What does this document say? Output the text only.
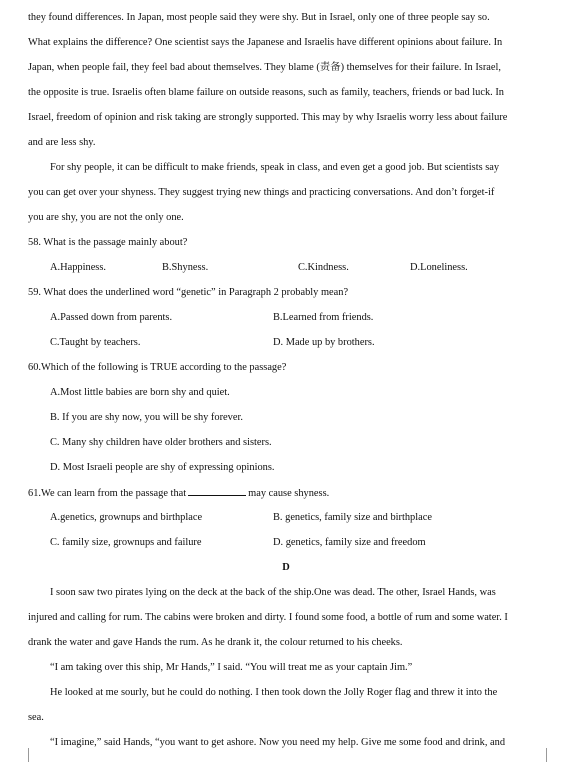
they found differences. In Japan, most people said they were shy. But in Israel, only one of three people say so.
What explains the difference? One scientist says the Japanese and Israelis have different opinions about failure. In
Japan, when people fail, they feel bad about themselves. They blame (责备) themselves for their failure. In Israel,
the opposite is true. Israelis often blame failure on outside reasons, such as family, teachers, friends or bad luck. In
Israel, freedom of opinion and risk taking are strongly supported. This may by why Israelis worry less about failure
and are less shy.
For shy people, it can be difficult to make friends, speak in class, and even get a good job. But scientists say
you can get over your shyness. They suggest trying new things and practicing conversations. And don’t forget-if
you are shy, you are not the only one.
58. What is the passage mainly about?
A.Happiness.	B.Shyness.	C.Kindness.	D.Loneliness.
59. What does the underlined word “genetic” in Paragraph 2 probably mean?
A.Passed down from parents.	B.Learned from friends.
C.Taught by teachers.	D. Made up by brothers.
60.Which of the following is TRUE according to the passage?
A.Most little babies are born shy and quiet.
B. If you are shy now, you will be shy forever.
C. Many shy children have older brothers and sisters.
D. Most Israeli people are shy of expressing opinions.
61.We can learn from the passage that	may cause shyness.
A.genetics, grownups and birthplace	B. genetics, family size and birthplace
C. family size, grownups and failure	D. genetics, family size and freedom
D
I soon saw two pirates lying on the deck at the back of the ship.One was dead. The other, Israel Hands, was
injured and calling for rum. The cabins were broken and dirty. I found some food, a bottle of rum and some water. I
drank the water and gave Hands the rum. As he drank it, the colour returned to his cheeks.
“I am taking over this ship, Mr Hands,” I said. “You will treat me as your captain Jim.”
He looked at me sourly, but he could do nothing. I then took down the Jolly Roger flag and threw it into the
sea.
“I imagine,” said Hands, “you want to get ashore. Now you need my help. Give me some food and drink, and
